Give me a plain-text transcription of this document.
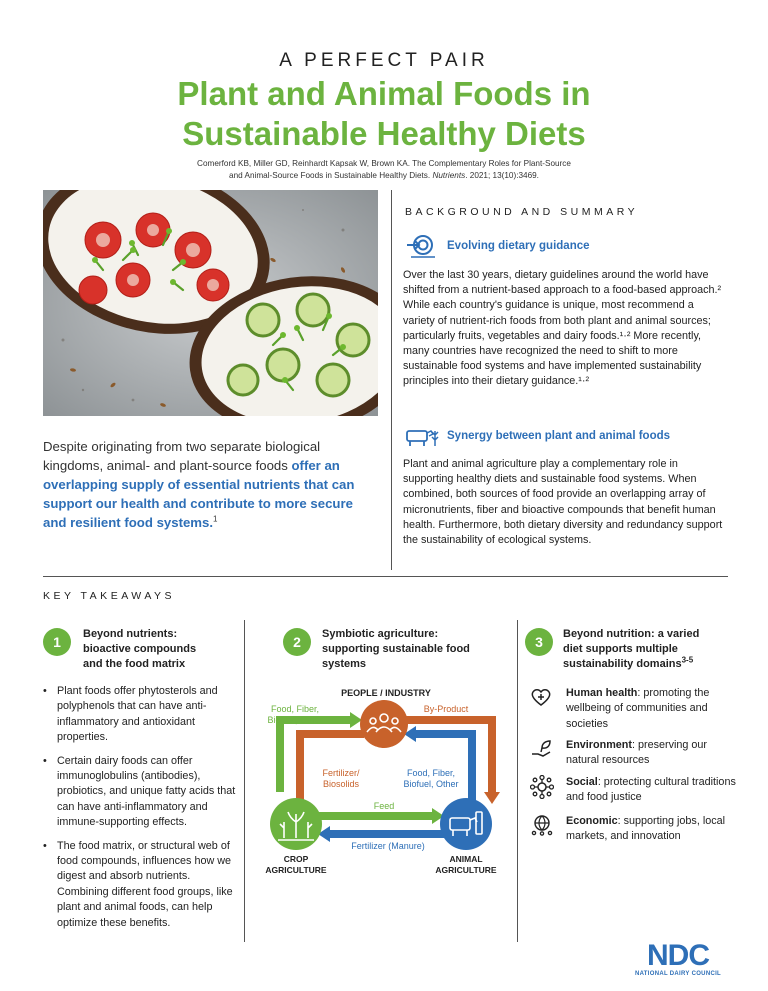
A PERFECT PAIR
Plant and Animal Foods in
Sustainable Healthy Diets
Comerford KB, Miller GD, Reinhardt Kapsak W, Brown KA. The Complementary Roles for Plant-Source
and Animal-Source Foods in Sustainable Healthy Diets. Nutrients. 2021; 13(10):3469.
Despite originating from two separate biological kingdoms, animal- and plant-source foods offer an overlapping supply of essential nutrients that can support our health and contribute to more secure and resilient food systems.$^1$
BACKGROUND AND SUMMARY
Evolving dietary guidance
Over the last 30 years, dietary guidelines around the world have shifted from a nutrient-based approach to a food-based approach.² While each country's guidance is unique, most recommend a variety of nutrient-rich foods from both plant and animal sources; particularly fruits, vegetables and dairy foods.¹·² More recently, many countries have recognized the need to shift to more sustainable food systems and have implemented sustainability principles into their dietary guidance.¹·²
Synergy between plant and animal foods
Plant and animal agriculture play a complementary role in supporting healthy diets and sustainable food systems. When combined, both sources of food provide an overlapping array of micronutrients, fiber and bioactive compounds that benefit human health. Furthermore, both dietary diversity and redundancy support the sustainability of ecological systems.
KEY TAKEAWAYS
1	Beyond nutrients:
bioactive compounds
and the food matrix
• Plant foods offer phytosterols and polyphenols that can have anti-inflammatory and antioxidant properties.
• Certain dairy foods can offer immunoglobulins (antibodies), probiotics, and unique fatty acids that can have anti-inflammatory and immune-supporting effects.
• The food matrix, or structural web of food compounds, influences how we digest and absorb nutrients. Combining different food groups, like plant and animal foods, can help optimize these benefits.
2	Symbiotic agriculture:
supporting sustainable food
systems
PEOPLE / INDUSTRY
Food, Fiber,
Biofuel, Other
By-Product
Feeds
Fertilizer/
Biosolids
Food, Fiber,
Biofuel, Other
Feed
Fertilizer (Manure)
CROP
AGRICULTURE
ANIMAL
AGRICULTURE
3	Beyond nutrition: a varied
diet supports multiple
sustainability domains$^{3-5}$
Human health: promoting the wellbeing of communities and societies
Environment: preserving our natural resources
Social: protecting cultural traditions and food justice
Economic: supporting jobs, local markets, and innovation
NDC
NATIONAL DAIRY COUNCIL
